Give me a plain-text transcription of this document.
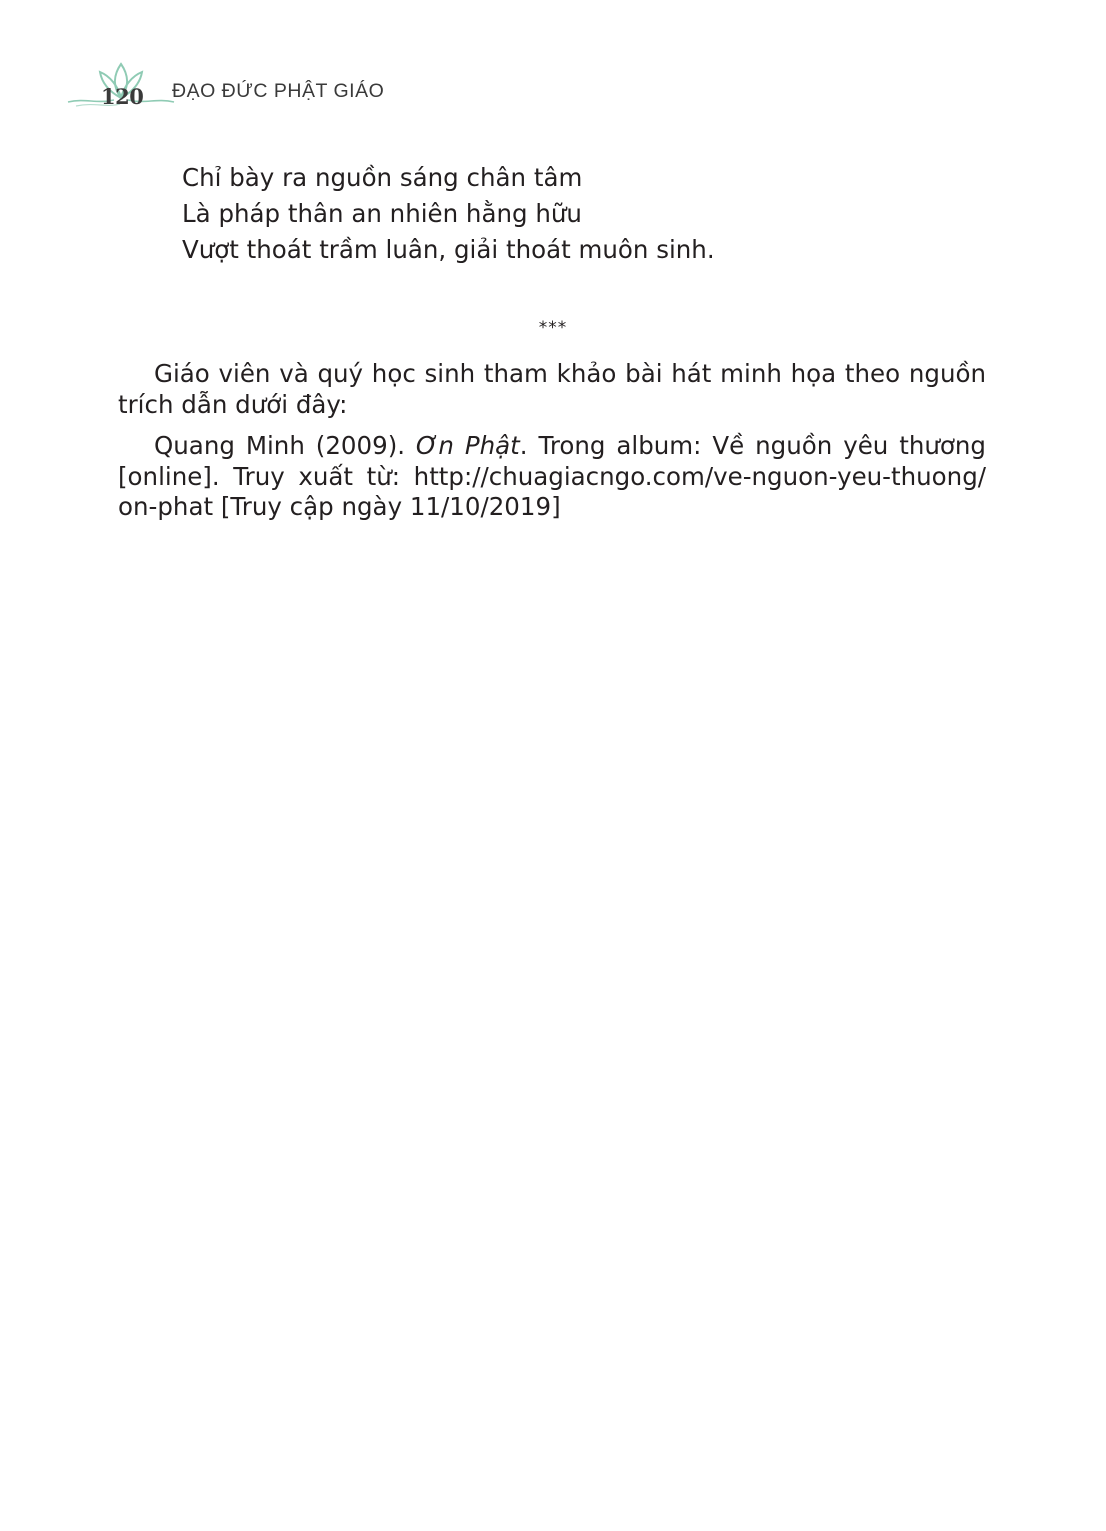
120 ĐẠO ĐỨC PHẬT GIÁO
Chỉ bày ra nguồn sáng chân tâm
Là pháp thân an nhiên hằng hữu
Vượt thoát trầm luân, giải thoát muôn sinh.
***

Giáo viên và quý học sinh tham khảo bài hát minh họa theo nguồn trích dẫn dưới đây:

Quang Minh (2009). Ơn Phật. Trong album: Về nguồn yêu thương
[online]. Truy xuất từ: http://chuagiacngo.com/ve-nguon-yeu-thuong/
on-phat [Truy cập ngày 11/10/2019]
